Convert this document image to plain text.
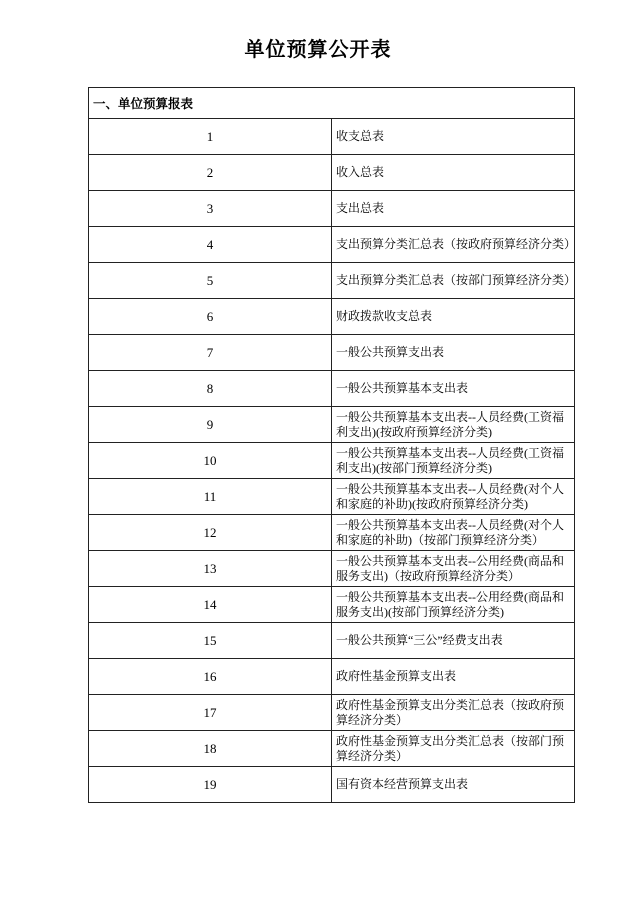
单位预算公开表
一、单位预算报表	
1	收支总表
2	收入总表
3	支出总表
4	支出预算分类汇总表（按政府预算经济分类）
5	支出预算分类汇总表（按部门预算经济分类）
6	财政拨款收支总表
7	一般公共预算支出表
8	一般公共预算基本支出表
9	一般公共预算基本支出表--人员经费(工资福利支出)(按政府预算经济分类)
10	一般公共预算基本支出表--人员经费(工资福利支出)(按部门预算经济分类)
11	一般公共预算基本支出表--人员经费(对个人和家庭的补助)(按政府预算经济分类)
12	一般公共预算基本支出表--人员经费(对个人和家庭的补助)（按部门预算经济分类）
13	一般公共预算基本支出表--公用经费(商品和服务支出)（按政府预算经济分类）
14	一般公共预算基本支出表--公用经费(商品和服务支出)(按部门预算经济分类)
15	一般公共预算“三公”经费支出表
16	政府性基金预算支出表
17	政府性基金预算支出分类汇总表（按政府预算经济分类）
18	政府性基金预算支出分类汇总表（按部门预算经济分类）
19	国有资本经营预算支出表
